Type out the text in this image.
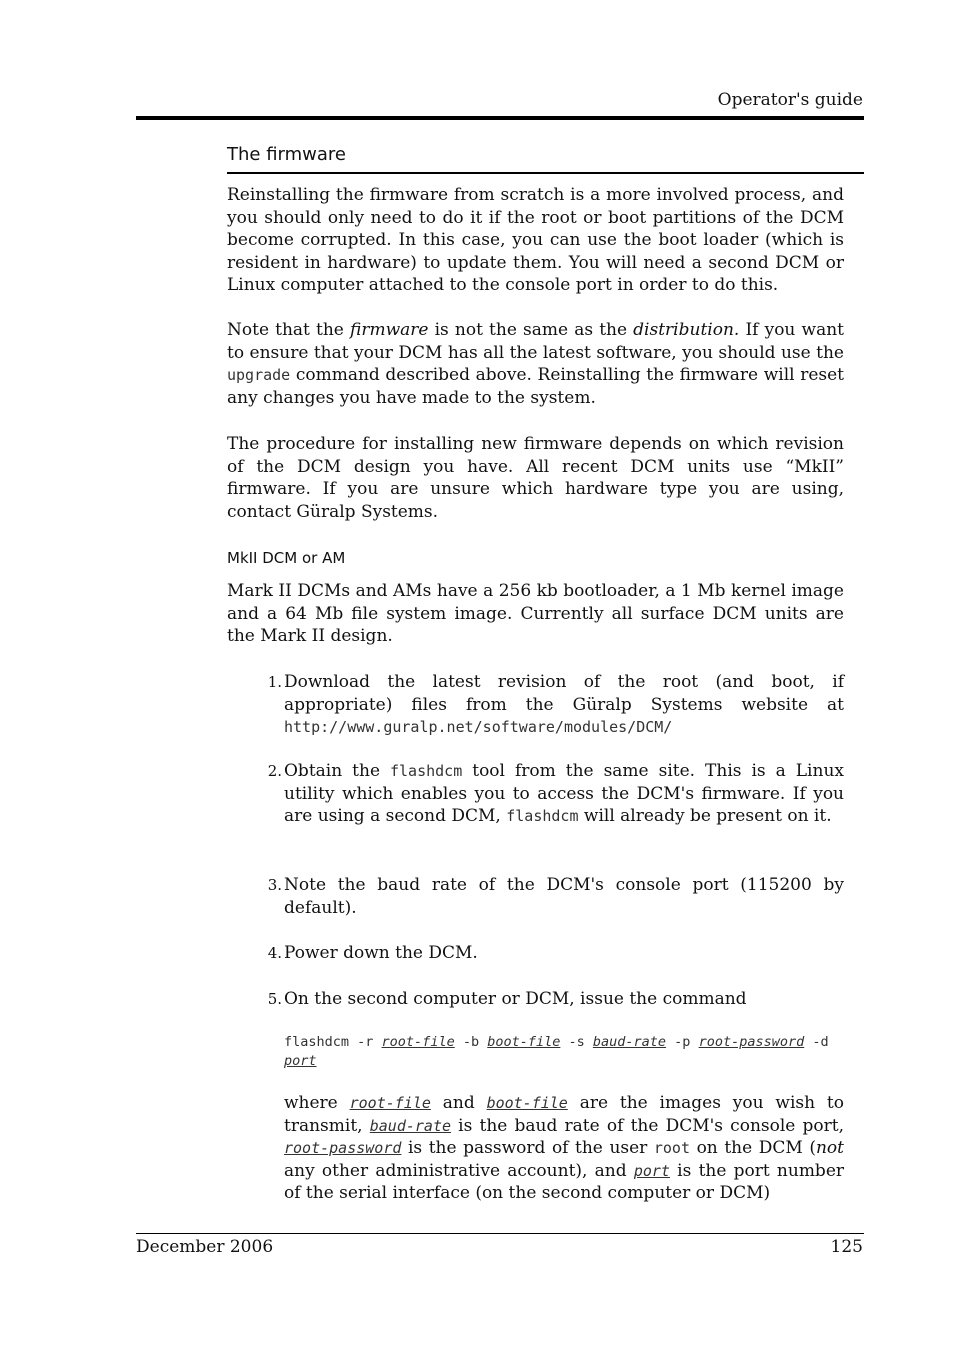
Operator's guide
The firmware

Reinstalling the firmware from scratch is a more involved process, and you should only need to do it if the root or boot partitions of the DCM become corrupted. In this case, you can use the boot loader (which is resident in hardware) to update them. You will need a second DCM or Linux computer attached to the console port in order to do this.

Note that the firmware is not the same as the distribution. If you want to ensure that your DCM has all the latest software, you should use the upgrade command described above. Reinstalling the firmware will reset any changes you have made to the system.

The procedure for installing new firmware depends on which revision of the DCM design you have. All recent DCM units use “MkII” firmware. If you are unsure which hardware type you are using, contact Güralp Systems.

MkII DCM or AM

Mark II DCMs and AMs have a 256 kb bootloader, a 1 Mb kernel image and a 64 Mb file system image. Currently all surface DCM units are the Mark II design.

1. Download the latest revision of the root (and boot, if appropriate) files from the Güralp Systems website at http://www.guralp.net/software/modules/DCM/
2. Obtain the flashdcm tool from the same site. This is a Linux utility which enables you to access the DCM's firmware. If you are using a second DCM, flashdcm will already be present on it.
3. Note the baud rate of the DCM's console port (115200 by default).
4. Power down the DCM.
5. On the second computer or DCM, issue the command
flashdcm -r root-file -b boot-file -s baud-rate -p root-password -d port
where root-file and boot-file are the images you wish to transmit, baud-rate is the baud rate of the DCM's console port, root-password is the password of the user root on the DCM (not any other administrative account), and port is the port number of the serial interface (on the second computer or DCM)
December 2006	125
